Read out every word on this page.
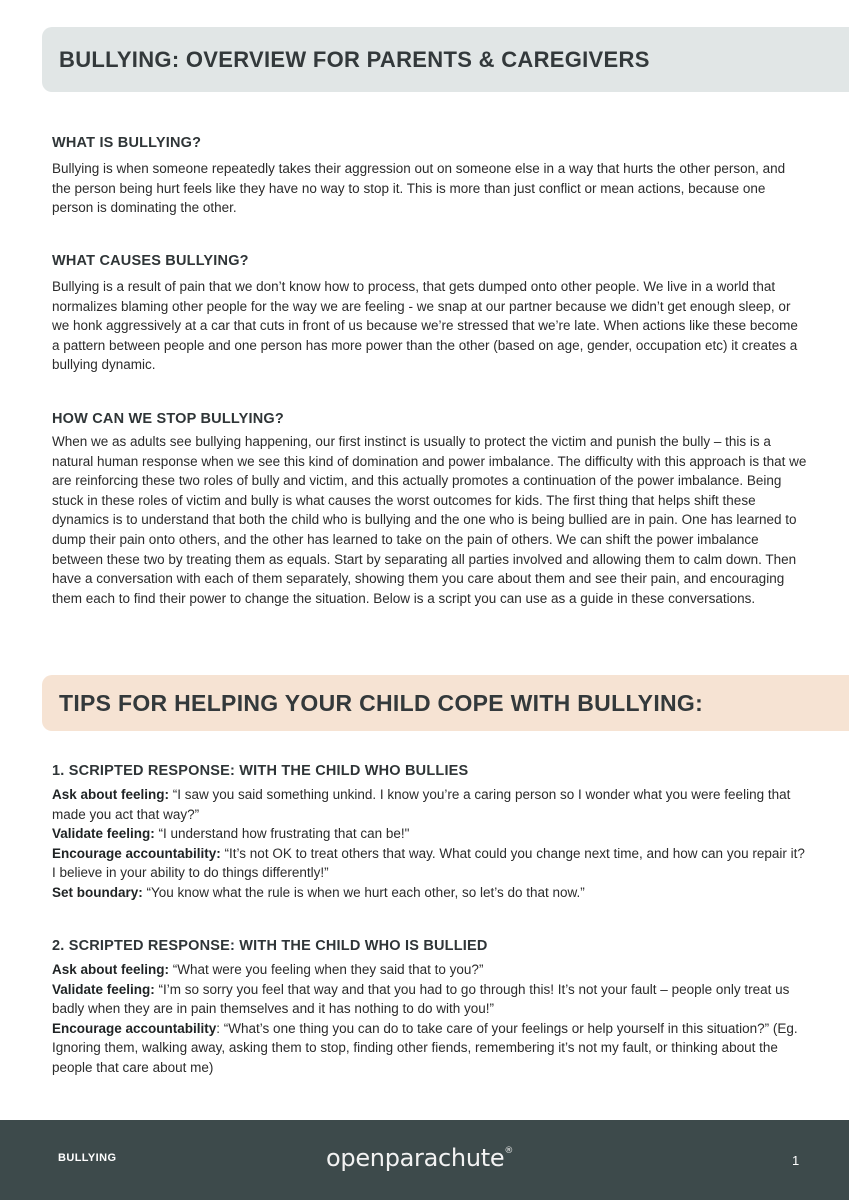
BULLYING: OVERVIEW FOR PARENTS & CAREGIVERS
WHAT IS BULLYING?

Bullying is when someone repeatedly takes their aggression out on someone else in a way that hurts the other person, and the person being hurt feels like they have no way to stop it. This is more than just conflict or mean actions, because one person is dominating the other.

WHAT CAUSES BULLYING?

Bullying is a result of pain that we don’t know how to process, that gets dumped onto other people. We live in a world that normalizes blaming other people for the way we are feeling - we snap at our partner because we didn’t get enough sleep, or we honk aggressively at a car that cuts in front of us because we’re stressed that we’re late. When actions like these become a pattern between people and one person has more power than the other (based on age, gender, occupation etc) it creates a bullying dynamic.

HOW CAN WE STOP BULLYING?

When we as adults see bullying happening, our first instinct is usually to protect the victim and punish the bully – this is a natural human response when we see this kind of domination and power imbalance. The difficulty with this approach is that we are reinforcing these two roles of bully and victim, and this actually promotes a continuation of the power imbalance. Being stuck in these roles of victim and bully is what causes the worst outcomes for kids. The first thing that helps shift these dynamics is to understand that both the child who is bullying and the one who is being bullied are in pain. One has learned to dump their pain onto others, and the other has learned to take on the pain of others. We can shift the power imbalance between these two by treating them as equals. Start by separating all parties involved and allowing them to calm down. Then have a conversation with each of them separately, showing them you care about them and see their pain, and encouraging them each to find their power to change the situation. Below is a script you can use as a guide in these conversations.

TIPS FOR HELPING YOUR CHILD COPE WITH BULLYING:
1. SCRIPTED RESPONSE: WITH THE CHILD WHO BULLIES

Ask about feeling: “I saw you said something unkind. I know you’re a caring person so I wonder what you were feeling that made you act that way?”

Validate feeling: “I understand how frustrating that can be!"

Encourage accountability: “It’s not OK to treat others that way. What could you change next time, and how can you repair it? I believe in your ability to do things differently!”

Set boundary: “You know what the rule is when we hurt each other, so let’s do that now.”

2. SCRIPTED RESPONSE: WITH THE CHILD WHO IS BULLIED

Ask about feeling: “What were you feeling when they said that to you?”

Validate feeling: “I’m so sorry you feel that way and that you had to go through this! It’s not your fault – people only treat us badly when they are in pain themselves and it has nothing to do with you!”

Encourage accountability: “What’s one thing you can do to take care of your feelings or help yourself in this situation?” (Eg. Ignoring them, walking away, asking them to stop, finding other fiends, remembering it’s not my fault, or thinking about the people that care about me)

BULLYING	openparachute®
1
